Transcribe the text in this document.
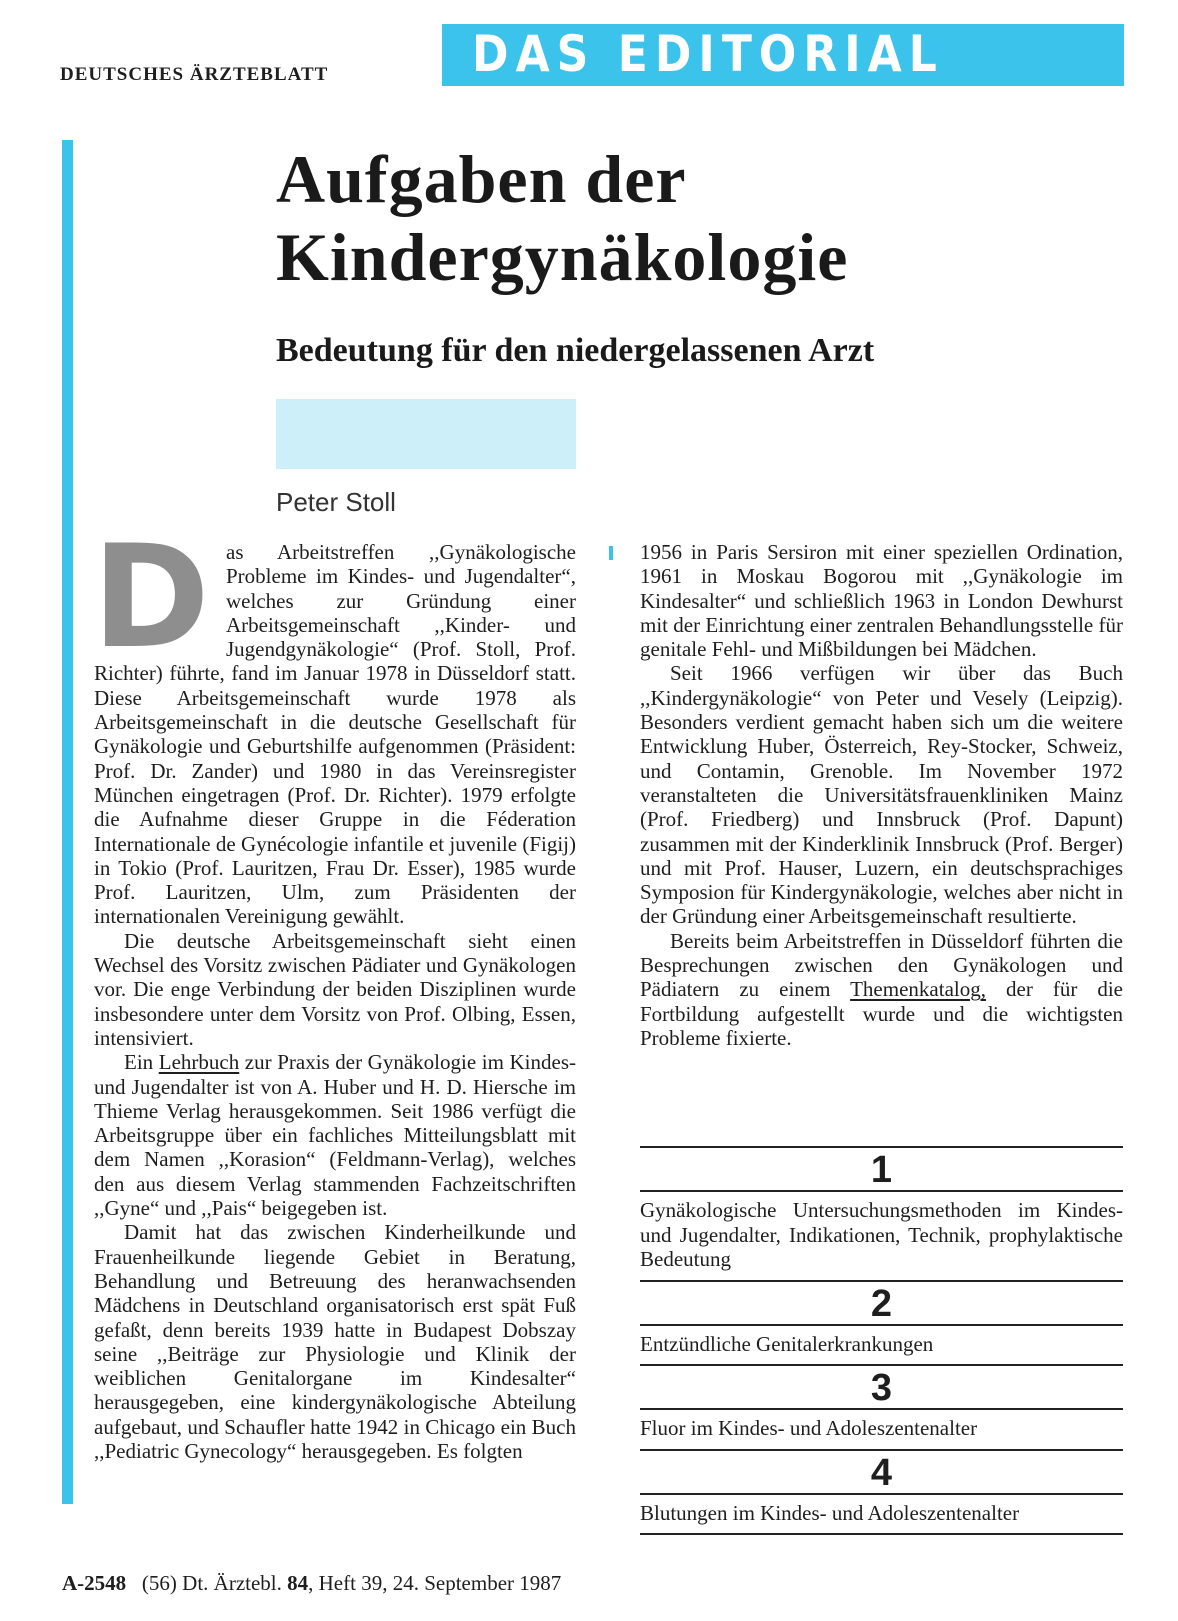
DEUTSCHES ÄRZTEBLATT	DAS EDITORIAL
Aufgaben der
Kindergynäkologie
Bedeutung für den niedergelassenen Arzt
Peter Stoll

Das Arbeitstreffen ,,Gynäkologische Probleme im Kindes- und Jugendalter“, welches zur Gründung einer Arbeitsgemeinschaft ,,Kinder- und Jugendgynäkologie“ (Prof. Stoll, Prof. Richter) führte, fand im Januar 1978 in Düsseldorf statt. Diese Arbeitsgemeinschaft wurde 1978 als Arbeitsgemeinschaft in die deutsche Gesellschaft für Gynäkologie und Geburtshilfe aufgenommen (Präsident: Prof. Dr. Zander) und 1980 in das Vereinsregister München eingetragen (Prof. Dr. Richter). 1979 erfolgte die Aufnahme dieser Gruppe in die Féderation Internationale de Gynécologie infantile et juvenile (Figij) in Tokio (Prof. Lauritzen, Frau Dr. Esser), 1985 wurde Prof. Lauritzen, Ulm, zum Präsidenten der internationalen Vereinigung gewählt.

Die deutsche Arbeitsgemeinschaft sieht einen Wechsel des Vorsitz zwischen Pädiater und Gynäkologen vor. Die enge Verbindung der beiden Disziplinen wurde insbesondere unter dem Vorsitz von Prof. Olbing, Essen, intensiviert.

Ein Lehrbuch zur Praxis der Gynäkologie im Kindes- und Jugendalter ist von A. Huber und H. D. Hiersche im Thieme Verlag herausgekommen. Seit 1986 verfügt die Arbeitsgruppe über ein fachliches Mitteilungsblatt mit dem Namen ,,Korasion“ (Feldmann-Verlag), welches den aus diesem Verlag stammenden Fachzeitschriften ,,Gyne“ und ,,Pais“ beigegeben ist.

Damit hat das zwischen Kinderheilkunde und Frauenheilkunde liegende Gebiet in Beratung, Behandlung und Betreuung des heranwachsenden Mädchens in Deutschland organisatorisch erst spät Fuß gefaßt, denn bereits 1939 hatte in Budapest Dobszay seine ,,Beiträge zur Physiologie und Klinik der weiblichen Genitalorgane im Kindesalter“ herausgegeben, eine kindergynäkologische Abteilung aufgebaut, und Schaufler hatte 1942 in Chicago ein Buch ,,Pediatric Gynecology“ herausgegeben. Es folgten

1956 in Paris Sersiron mit einer speziellen Ordination, 1961 in Moskau Bogorou mit ,,Gynäkologie im Kindesalter“ und schließlich 1963 in London Dewhurst mit der Einrichtung einer zentralen Behandlungsstelle für genitale Fehl- und Mißbildungen bei Mädchen.

Seit 1966 verfügen wir über das Buch ,,Kindergynäkologie“ von Peter und Vesely (Leipzig). Besonders verdient gemacht haben sich um die weitere Entwicklung Huber, Österreich, Rey-Stocker, Schweiz, und Contamin, Grenoble. Im November 1972 veranstalteten die Universitätsfrauenkliniken Mainz (Prof. Friedberg) und Innsbruck (Prof. Dapunt) zusammen mit der Kinderklinik Innsbruck (Prof. Berger) und mit Prof. Hauser, Luzern, ein deutschsprachiges Symposion für Kindergynäkologie, welches aber nicht in der Gründung einer Arbeitsgemeinschaft resultierte.

Bereits beim Arbeitstreffen in Düsseldorf führten die Besprechungen zwischen den Gynäkologen und Pädiatern zu einem Themenkatalog, der für die Fortbildung aufgestellt wurde und die wichtigsten Probleme fixierte.

1
Gynäkologische Untersuchungsmethoden im Kindes- und Jugendalter, Indikationen, Technik, prophylaktische Bedeutung
2
Entzündliche Genitalerkrankungen
3
Fluor im Kindes- und Adoleszentenalter
4
Blutungen im Kindes- und Adoleszentenalter
A-2548 (56) Dt. Ärztebl. 84, Heft 39, 24. September 1987
